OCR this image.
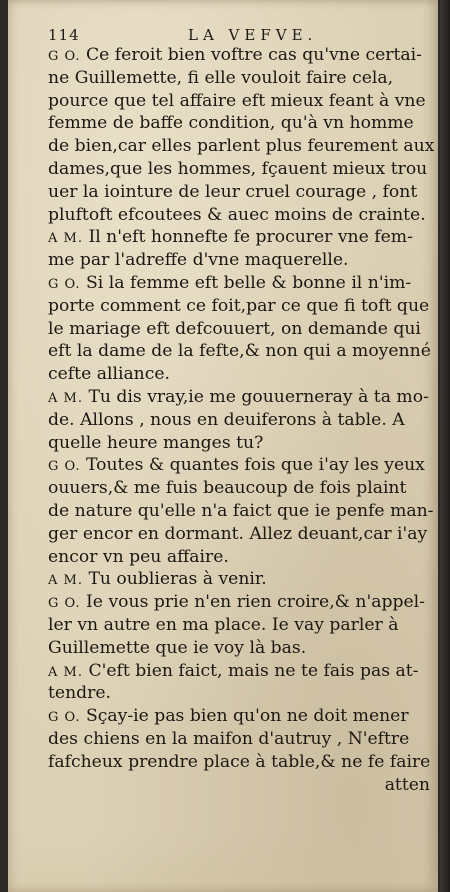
114	LA VEFVE.
G O. Ce feroit bien voftre cas qu'vne certai-
ne Guillemette, fi elle vouloit faire cela,
pource que tel affaire eft mieux feant à vne
femme de baffe condition, qu'à vn homme
de bien,car elles parlent plus feurement aux
dames,que les hommes, fçauent mieux trou
uer la iointure de leur cruel courage , font
pluftoft efcoutees & auec moins de crainte.
A M. Il n'eft honnefte fe procurer vne fem-
me par l'adreffe d'vne maquerelle.
G O. Si la femme eft belle & bonne il n'im-
porte comment ce foit,par ce que fi toft que
le mariage eft defcouuert, on demande qui
eft la dame de la fefte,& non qui a moyenné
cefte alliance.
A M. Tu dis vray,ie me gouuerneray à ta mo-
de. Allons , nous en deuiferons à table. A
quelle heure manges tu?
G O. Toutes & quantes fois que i'ay les yeux
ouuers,& me fuis beaucoup de fois plaint
de nature qu'elle n'a faict que ie penfe man-
ger encor en dormant. Allez deuant,car i'ay
encor vn peu affaire.
A M. Tu oublieras à venir.
G O. Ie vous prie n'en rien croire,& n'appel-
ler vn autre en ma place. Ie vay parler à
Guillemette que ie voy là bas.
A M. C'eft bien faict, mais ne te fais pas at-
tendre.
G O. Sçay-ie pas bien qu'on ne doit mener
des chiens en la maifon d'autruy , N'eftre
fafcheux prendre place à table,& ne fe faire
atten
